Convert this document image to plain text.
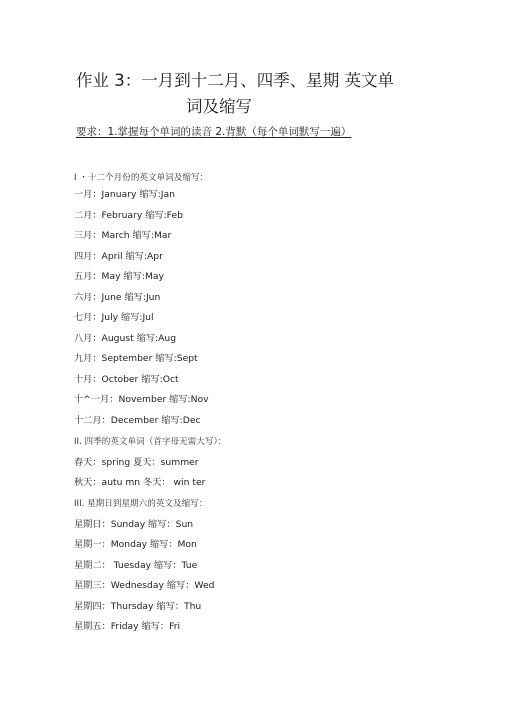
作业 3：一月到十二月、四季、星期 英文单
词及缩写
要求：1.掌握每个单词的读音 2.背默（每个单词默写一遍）
I ・十二个月份的英文单词及缩写：
一月：January 缩写:Jan
二月：February 缩写:Feb
三月：March 缩写:Mar
四月：April 缩写:Apr
五月：May 缩写:May
六月：June 缩写:Jun
七月：July 缩写:Jul
八月：August 缩写:Aug
九月：September 缩写:Sept
十月：October 缩写:Oct
十^一月：November 缩写:Nov
十二月：December 缩写:Dec
II. 四季的英文单词（首字母无需大写）：
春天：spring 夏天：summer
秋天：autu mn 冬天： win ter
III. 星期日到星期六的英文及缩写：
星期日：Sunday 缩写：Sun
星期一：Monday 缩写：Mon
星期二： Tuesday 缩写：Tue
星期三：Wednesday 缩写：Wed
星期四：Thursday 缩写：Thu
星期五：Friday 缩写：Fri
